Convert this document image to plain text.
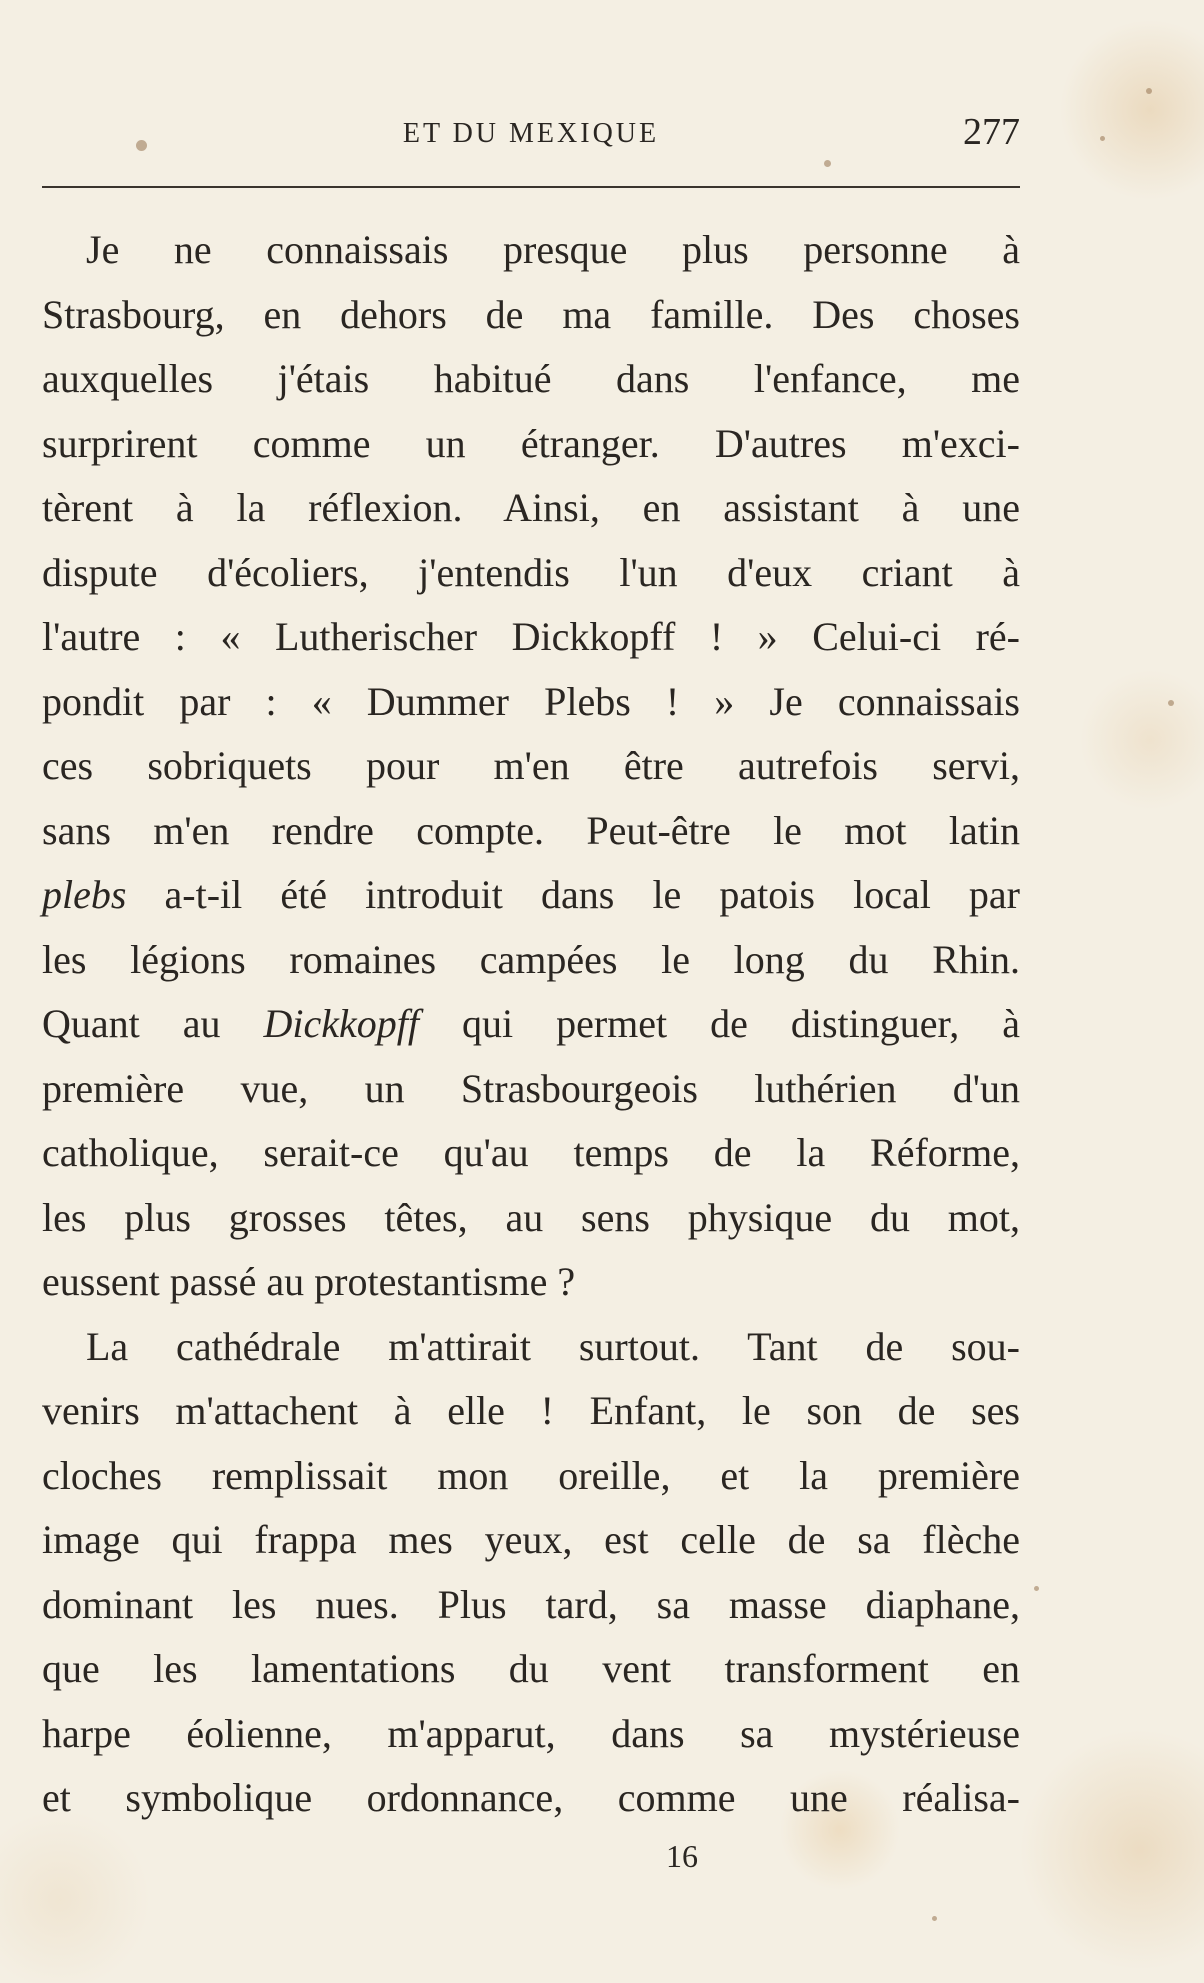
ET DU MEXIQUE	277
Je ne connaissais presque plus personne à
Strasbourg, en dehors de ma famille. Des choses
auxquelles j'étais habitué dans l'enfance, me
surprirent comme un étranger. D'autres m'exci-
tèrent à la réflexion. Ainsi, en assistant à une
dispute d'écoliers, j'entendis l'un d'eux criant à
l'autre : « Lutherischer Dickkopff ! » Celui-ci ré-
pondit par : « Dummer Plebs ! » Je connaissais
ces sobriquets pour m'en être autrefois servi,
sans m'en rendre compte. Peut-être le mot latin
plebs a-t-il été introduit dans le patois local par
les légions romaines campées le long du Rhin.
Quant au Dickkopff qui permet de distinguer, à
première vue, un Strasbourgeois luthérien d'un
catholique, serait-ce qu'au temps de la Réforme,
les plus grosses têtes, au sens physique du mot,
eussent passé au protestantisme ?
La cathédrale m'attirait surtout. Tant de sou-
venirs m'attachent à elle ! Enfant, le son de ses
cloches remplissait mon oreille, et la première
image qui frappa mes yeux, est celle de sa flèche
dominant les nues. Plus tard, sa masse diaphane,
que les lamentations du vent transforment en
harpe éolienne, m'apparut, dans sa mystérieuse
et symbolique ordonnance, comme une réalisa-
16
